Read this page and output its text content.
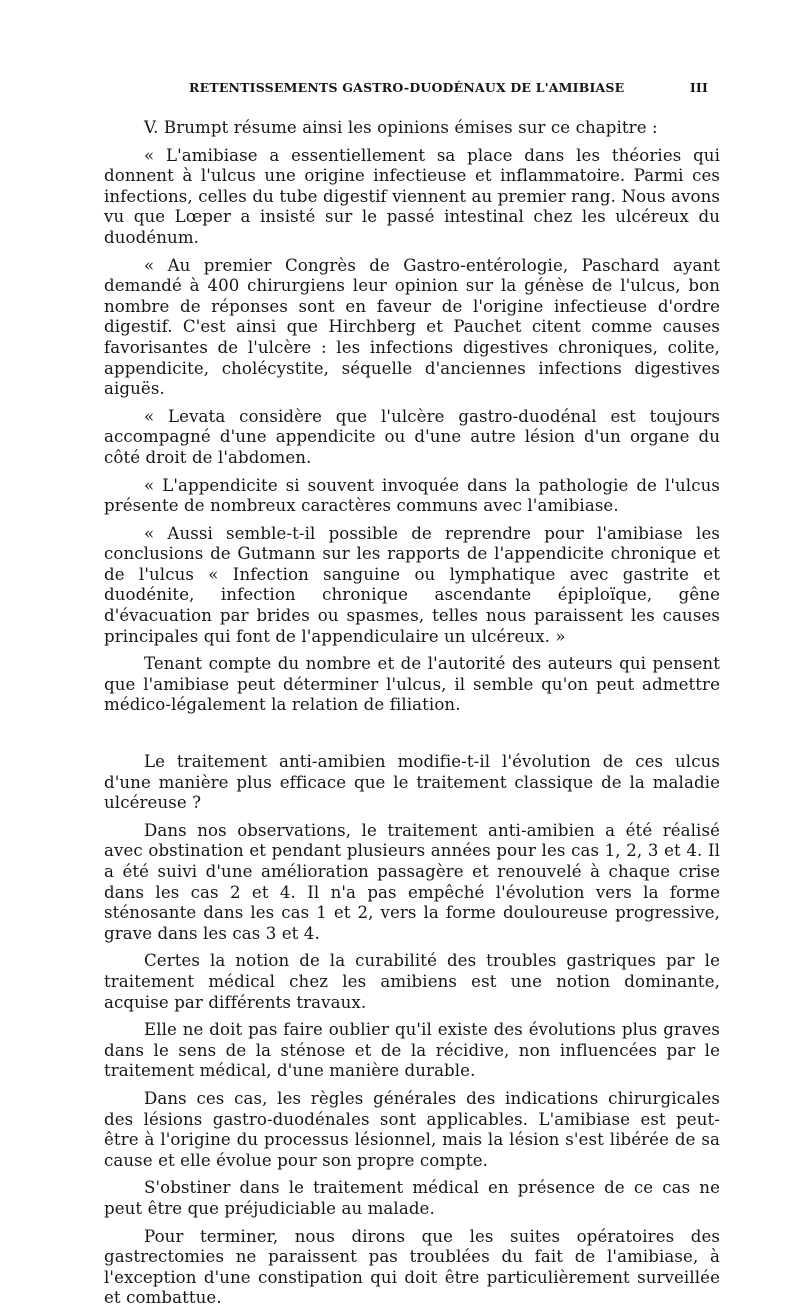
RETENTISSEMENTS GASTRO-DUODÉNAUX DE L'AMIBIASE	III

V. Brumpt résume ainsi les opinions émises sur ce chapitre :

« L'amibiase a essentiellement sa place dans les théories qui donnent à l'ulcus une origine infectieuse et inflammatoire. Parmi ces infections, celles du tube digestif viennent au premier rang. Nous avons vu que Lœper a insisté sur le passé intestinal chez les ulcéreux du duodénum.

« Au premier Congrès de Gastro-entérologie, Paschard ayant demandé à 400 chirurgiens leur opinion sur la génèse de l'ulcus, bon nombre de réponses sont en faveur de l'origine infectieuse d'ordre digestif. C'est ainsi que Hirchberg et Pauchet citent comme causes favorisantes de l'ulcère : les infections digestives chroniques, colite, appendicite, cholécystite, séquelle d'anciennes infections digestives aiguës.

« Levata considère que l'ulcère gastro-duodénal est toujours accompagné d'une appendicite ou d'une autre lésion d'un organe du côté droit de l'abdomen.

« L'appendicite si souvent invoquée dans la pathologie de l'ulcus présente de nombreux caractères communs avec l'amibiase.

« Aussi semble-t-il possible de reprendre pour l'amibiase les conclusions de Gutmann sur les rapports de l'appendicite chronique et de l'ulcus « Infection sanguine ou lymphatique avec gastrite et duodénite, infection chronique ascendante épiploïque, gêne d'évacuation par brides ou spasmes, telles nous paraissent les causes principales qui font de l'appendiculaire un ulcéreux. »

Tenant compte du nombre et de l'autorité des auteurs qui pensent que l'amibiase peut déterminer l'ulcus, il semble qu'on peut admettre médico-légalement la relation de filiation.

Le traitement anti-amibien modifie-t-il l'évolution de ces ulcus d'une manière plus efficace que le traitement classique de la maladie ulcéreuse ?

Dans nos observations, le traitement anti-amibien a été réalisé avec obstination et pendant plusieurs années pour les cas 1, 2, 3 et 4. Il a été suivi d'une amélioration passagère et renouvelé à chaque crise dans les cas 2 et 4. Il n'a pas empêché l'évolution vers la forme sténosante dans les cas 1 et 2, vers la forme douloureuse progressive, grave dans les cas 3 et 4.

Certes la notion de la curabilité des troubles gastriques par le traitement médical chez les amibiens est une notion dominante, acquise par différents travaux.

Elle ne doit pas faire oublier qu'il existe des évolutions plus graves dans le sens de la sténose et de la récidive, non influencées par le traitement médical, d'une manière durable.

Dans ces cas, les règles générales des indications chirurgicales des lésions gastro-duodénales sont applicables. L'amibiase est peut-être à l'origine du processus lésionnel, mais la lésion s'est libérée de sa cause et elle évolue pour son propre compte.

S'obstiner dans le traitement médical en présence de ce cas ne peut être que préjudiciable au malade.

Pour terminer, nous dirons que les suites opératoires des gastrectomies ne paraissent pas troublées du fait de l'amibiase, à l'exception d'une constipation qui doit être particulièrement surveillée et combattue.
